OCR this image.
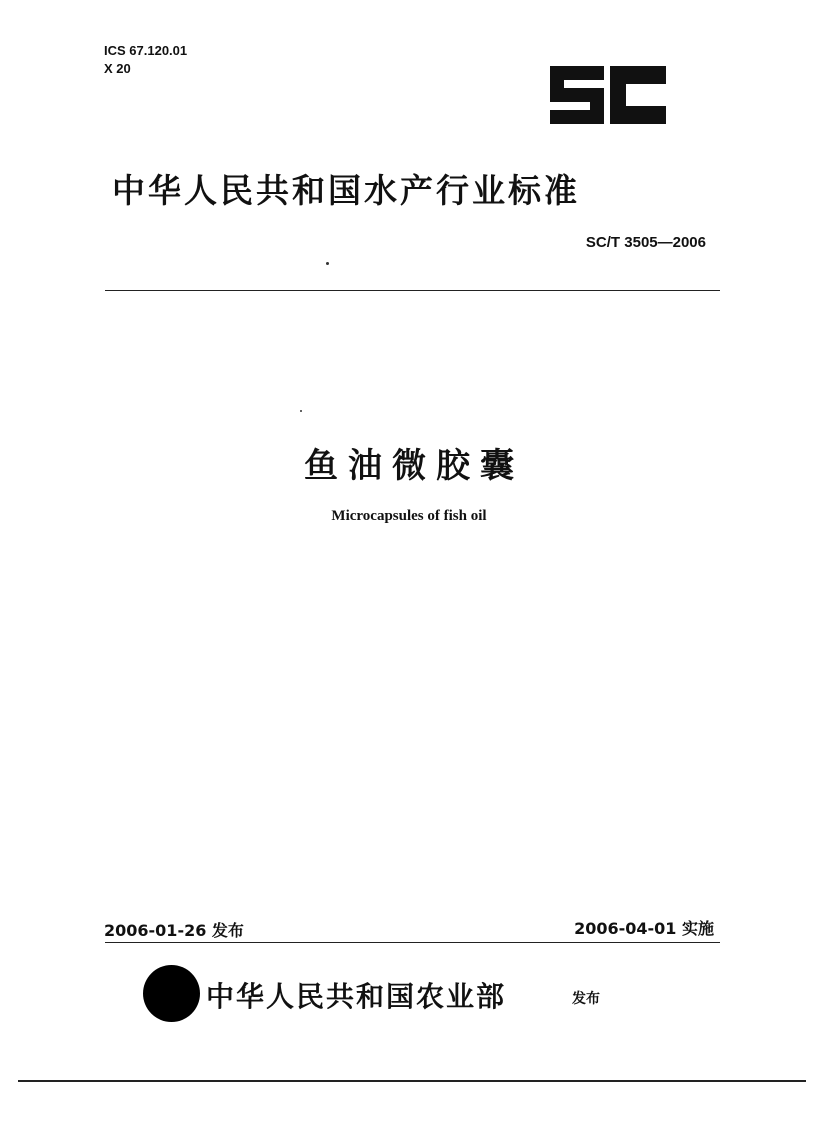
ICS 67.120.01
X 20
中华人民共和国水产行业标准
SC/T 3505—2006
鱼油微胶囊
Microcapsules of fish oil
2006-01-26 发布	2006-04-01 实施
中华人民共和国农业部	发布
